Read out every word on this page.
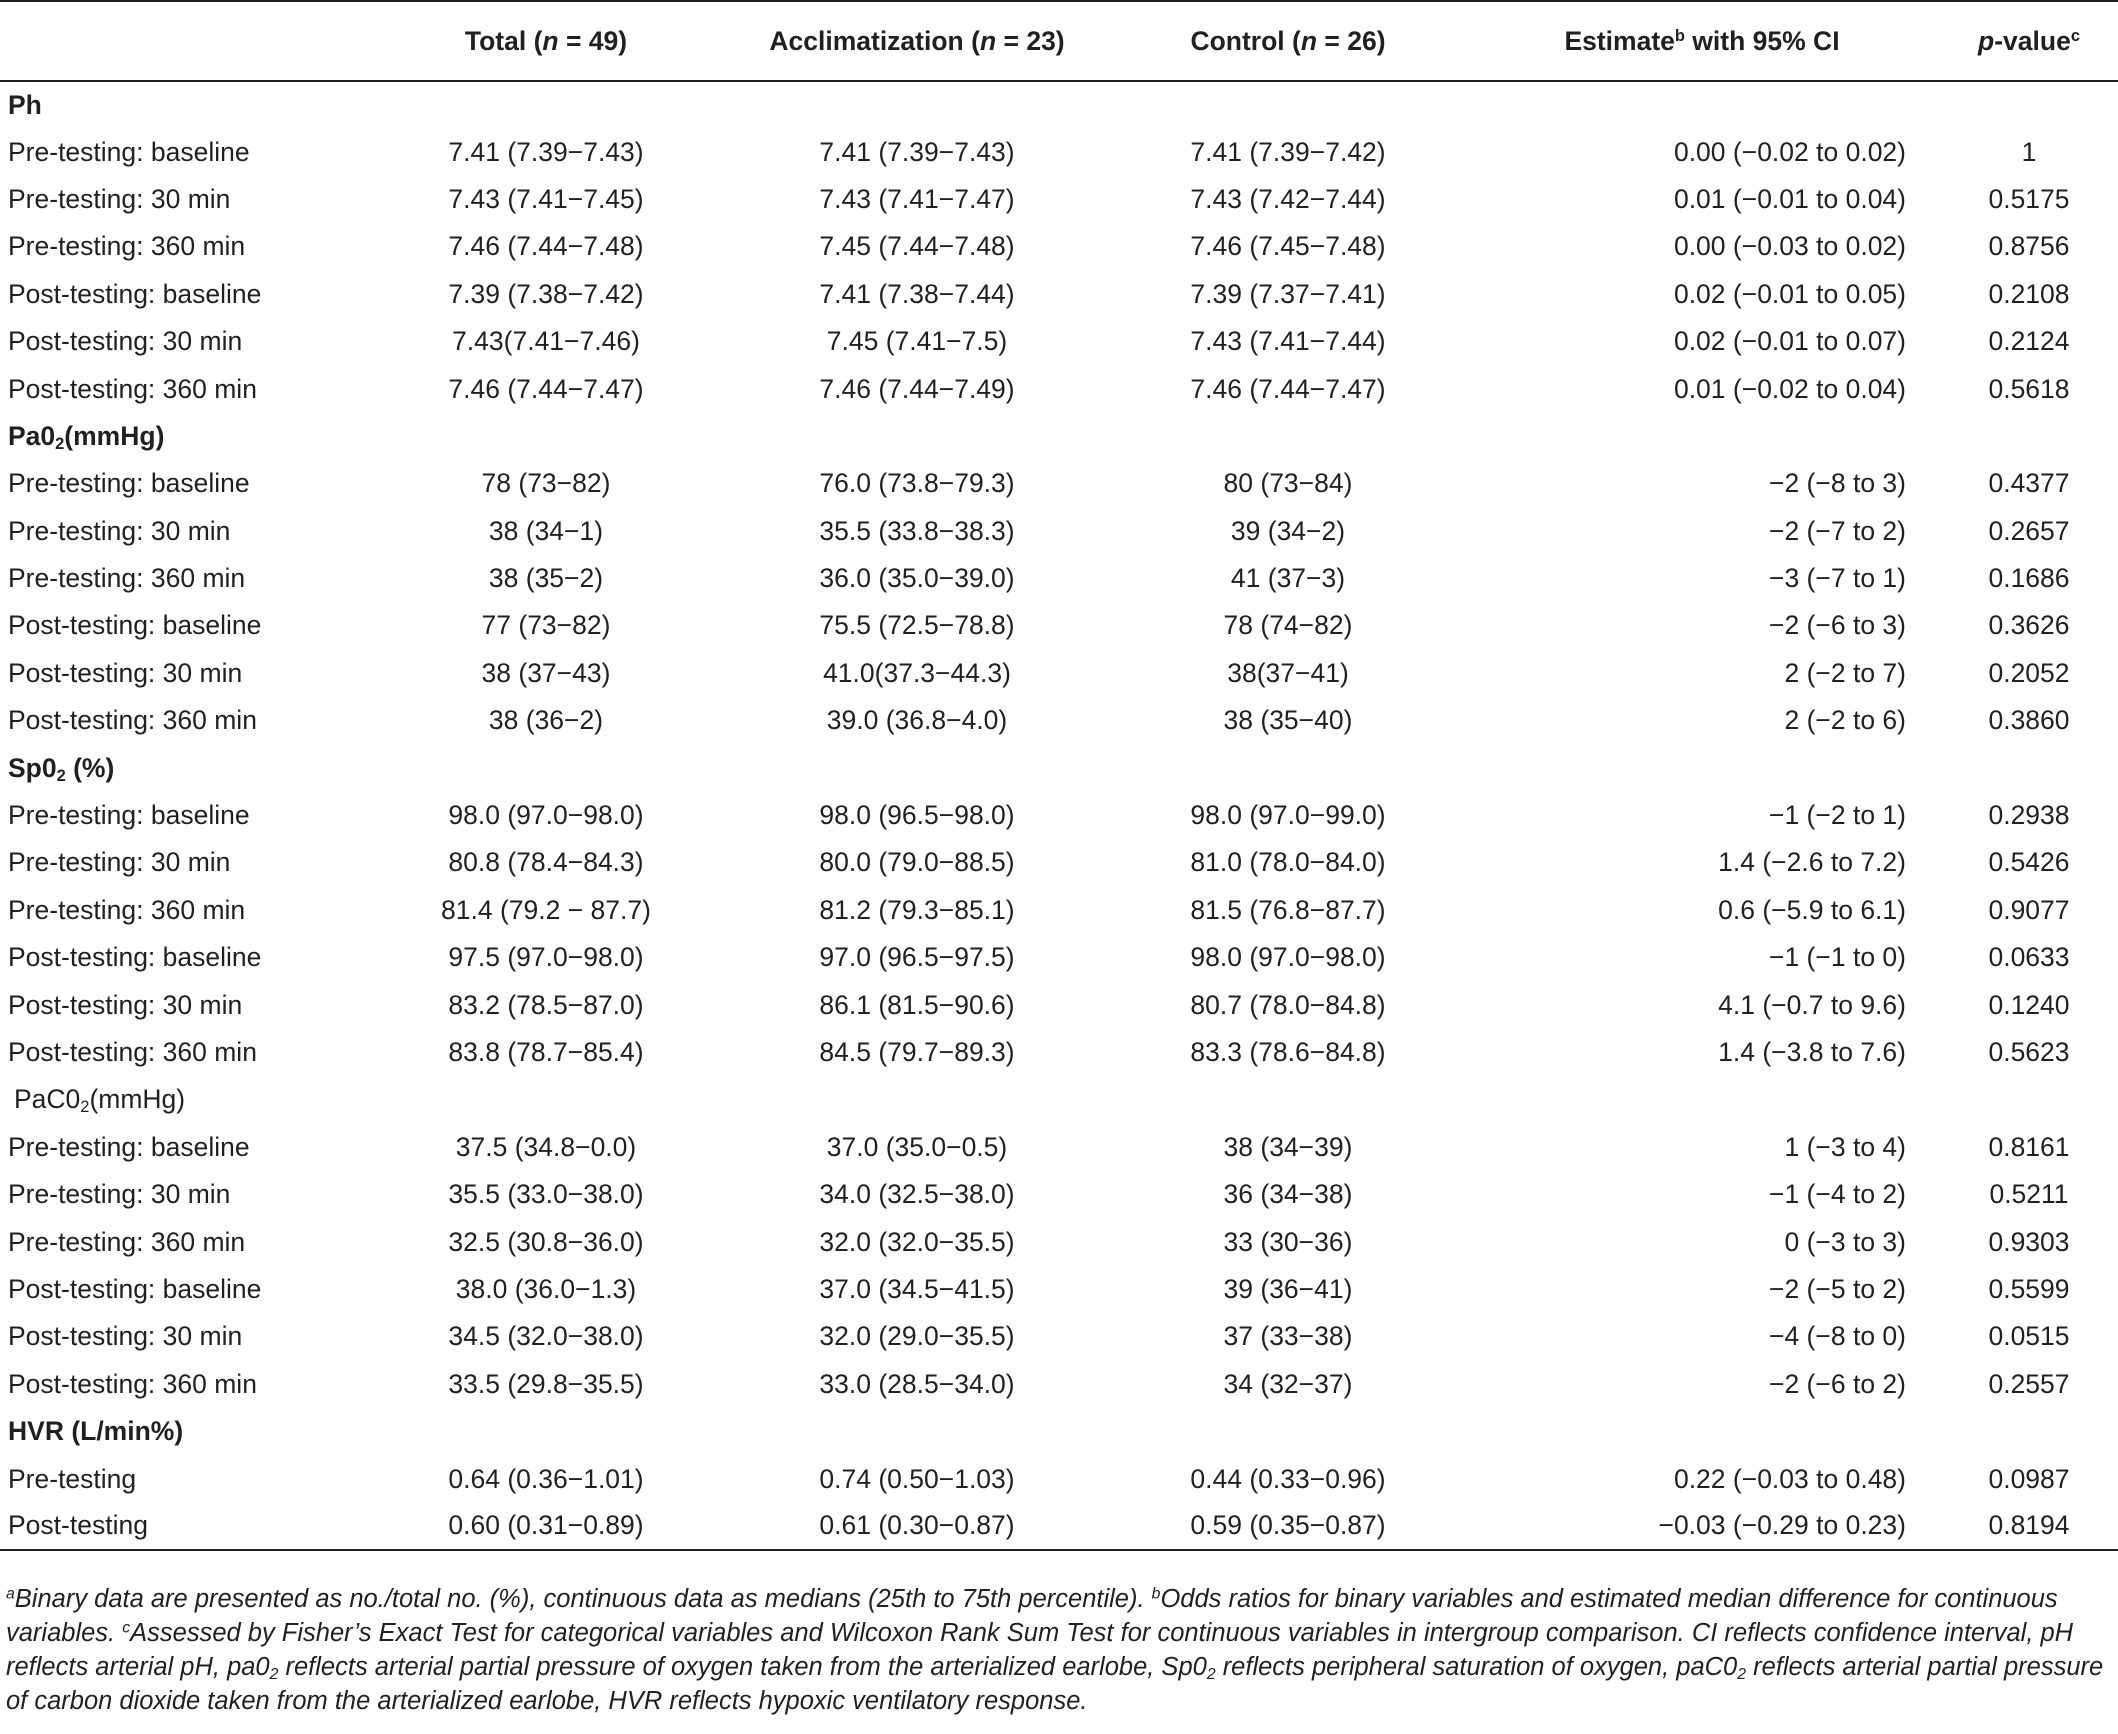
	Total (n = 49)	Acclimatization (n = 23)	Control (n = 26)	Estimate$^b$ with 95% CI	p-value$^c$
Ph					
Pre-testing: baseline	7.41 (7.39−7.43)	7.41 (7.39−7.43)	7.41 (7.39−7.42)	0.00 (−0.02 to 0.02)	1
Pre-testing: 30 min	7.43 (7.41−7.45)	7.43 (7.41−7.47)	7.43 (7.42−7.44)	0.01 (−0.01 to 0.04)	0.5175
Pre-testing: 360 min	7.46 (7.44−7.48)	7.45 (7.44−7.48)	7.46 (7.45−7.48)	0.00 (−0.03 to 0.02)	0.8756
Post-testing: baseline	7.39 (7.38−7.42)	7.41 (7.38−7.44)	7.39 (7.37−7.41)	0.02 (−0.01 to 0.05)	0.2108
Post-testing: 30 min	7.43(7.41−7.46)	7.45 (7.41−7.5)	7.43 (7.41−7.44)	0.02 (−0.01 to 0.07)	0.2124
Post-testing: 360 min	7.46 (7.44−7.47)	7.46 (7.44−7.49)	7.46 (7.44−7.47)	0.01 (−0.02 to 0.04)	0.5618
$Pa0_2(mmHg)$					
Pre-testing: baseline	78 (73−82)	76.0 (73.8−79.3)	80 (73−84)	−2 (−8 to 3)	0.4377
Pre-testing: 30 min	38 (34−1)	35.5 (33.8−38.3)	39 (34−2)	−2 (−7 to 2)	0.2657
Pre-testing: 360 min	38 (35−2)	36.0 (35.0−39.0)	41 (37−3)	−3 (−7 to 1)	0.1686
Post-testing: baseline	77 (73−82)	75.5 (72.5−78.8)	78 (74−82)	−2 (−6 to 3)	0.3626
Post-testing: 30 min	38 (37−43)	41.0(37.3−44.3)	38(37−41)	2 (−2 to 7)	0.2052
Post-testing: 360 min	38 (36−2)	39.0 (36.8−4.0)	38 (35−40)	2 (−2 to 6)	0.3860
$Sp0_2$ (%)					
Pre-testing: baseline	98.0 (97.0−98.0)	98.0 (96.5−98.0)	98.0 (97.0−99.0)	−1 (−2 to 1)	0.2938
Pre-testing: 30 min	80.8 (78.4−84.3)	80.0 (79.0−88.5)	81.0 (78.0−84.0)	1.4 (−2.6 to 7.2)	0.5426
Pre-testing: 360 min	81.4 (79.2 − 87.7)	81.2 (79.3−85.1)	81.5 (76.8−87.7)	0.6 (−5.9 to 6.1)	0.9077
Post-testing: baseline	97.5 (97.0−98.0)	97.0 (96.5−97.5)	98.0 (97.0−98.0)	−1 (−1 to 0)	0.0633
Post-testing: 30 min	83.2 (78.5−87.0)	86.1 (81.5−90.6)	80.7 (78.0−84.8)	4.1 (−0.7 to 9.6)	0.1240
Post-testing: 360 min	83.8 (78.7−85.4)	84.5 (79.7−89.3)	83.3 (78.6−84.8)	1.4 (−3.8 to 7.6)	0.5623
$PaC0_2(mmHg)$					
Pre-testing: baseline	37.5 (34.8−0.0)	37.0 (35.0−0.5)	38 (34−39)	1 (−3 to 4)	0.8161
Pre-testing: 30 min	35.5 (33.0−38.0)	34.0 (32.5−38.0)	36 (34−38)	−1 (−4 to 2)	0.5211
Pre-testing: 360 min	32.5 (30.8−36.0)	32.0 (32.0−35.5)	33 (30−36)	0 (−3 to 3)	0.9303
Post-testing: baseline	38.0 (36.0−1.3)	37.0 (34.5−41.5)	39 (36−41)	−2 (−5 to 2)	0.5599
Post-testing: 30 min	34.5 (32.0−38.0)	32.0 (29.0−35.5)	37 (33−38)	−4 (−8 to 0)	0.0515
Post-testing: 360 min	33.5 (29.8−35.5)	33.0 (28.5−34.0)	34 (32−37)	−2 (−6 to 2)	0.2557
HVR (L/min%)					
Pre-testing	0.64 (0.36−1.01)	0.74 (0.50−1.03)	0.44 (0.33−0.96)	0.22 (−0.03 to 0.48)	0.0987
Post-testing	0.60 (0.31−0.89)	0.61 (0.30−0.87)	0.59 (0.35−0.87)	−0.03 (−0.29 to 0.23)	0.8194
$^a$Binary data are presented as no./total no. (%), continuous data as medians (25th to 75th percentile). $^b$Odds ratios for binary variables and estimated median difference for continuous variables. $^c$Assessed by Fisher’s Exact Test for categorical variables and Wilcoxon Rank Sum Test for continuous variables in intergroup comparison. CI reflects confidence interval, pH reflects arterial pH, $pa0_2$ reflects arterial partial pressure of oxygen taken from the arterialized earlobe, $Sp0_2$ reflects peripheral saturation of oxygen, $paC0_2$ reflects arterial partial pressure of carbon dioxide taken from the arterialized earlobe, HVR reflects hypoxic ventilatory response.
